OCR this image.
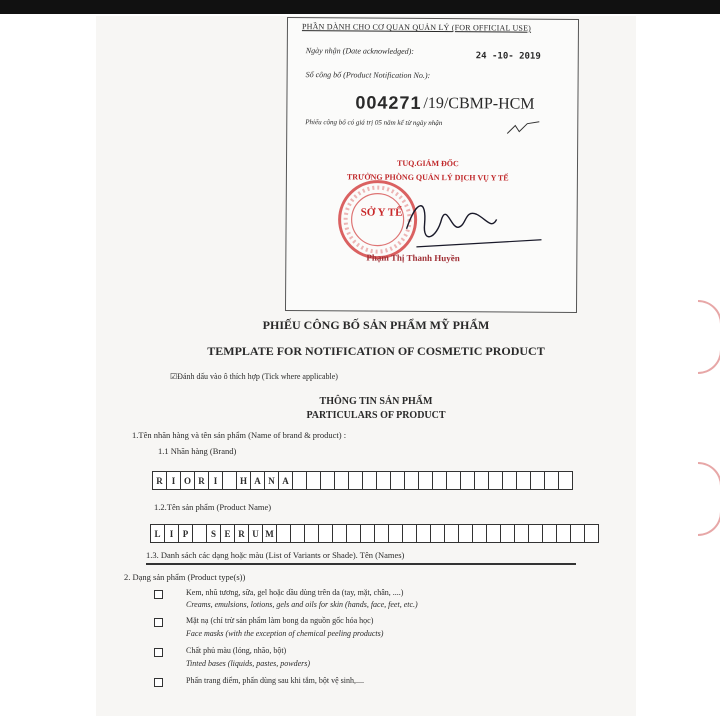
PHẦN DÀNH CHO CƠ QUAN QUẢN LÝ (FOR OFFICIAL USE)
Ngày nhận (Date acknowledged):
24 -10- 2019
Số công bố (Product Notification No.):
004271 /19/CBMP-HCM
Phiếu công bố có giá trị 05 năm kể từ ngày nhận
TUQ.GIÁM ĐỐC
TRƯỞNG PHÒNG QUẢN LÝ DỊCH VỤ Y TẾ
SỞ Y TẾ
Phạm Thị Thanh Huyền
PHIẾU CÔNG BỐ SẢN PHẨM MỸ PHẨM
TEMPLATE FOR NOTIFICATION OF COSMETIC PRODUCT
☑Đánh dấu vào ô thích hợp (Tick where applicable)
THÔNG TIN SẢN PHẨM
PARTICULARS OF PRODUCT
1.Tên nhãn hàng và tên sản phẩm (Name of brand & product) :
1.1 Nhãn hàng (Brand)
R I O R I	H A N A
1.2.Tên sản phẩm (Product Name)
L	I	P	S E R U M
1.3. Danh sách các dạng hoặc màu (List of Variants or Shade). Tên (Names)
2. Dạng sản phẩm (Product type(s))
Kem, nhũ tương, sữa, gel hoặc dầu dùng trên da (tay, mặt, chân, ....)
Creams, emulsions, lotions, gels and oils for skin (hands, face, feet, etc.)
Mặt nạ (chỉ trừ sản phẩm làm bong da nguồn gốc hóa học)
Face masks (with the exception of chemical peeling products)
Chất phủ màu (lỏng, nhão, bột)
Tinted bases (liquids, pastes, powders)
Phấn trang điểm, phấn dùng sau khi tắm, bột vệ sinh,....
